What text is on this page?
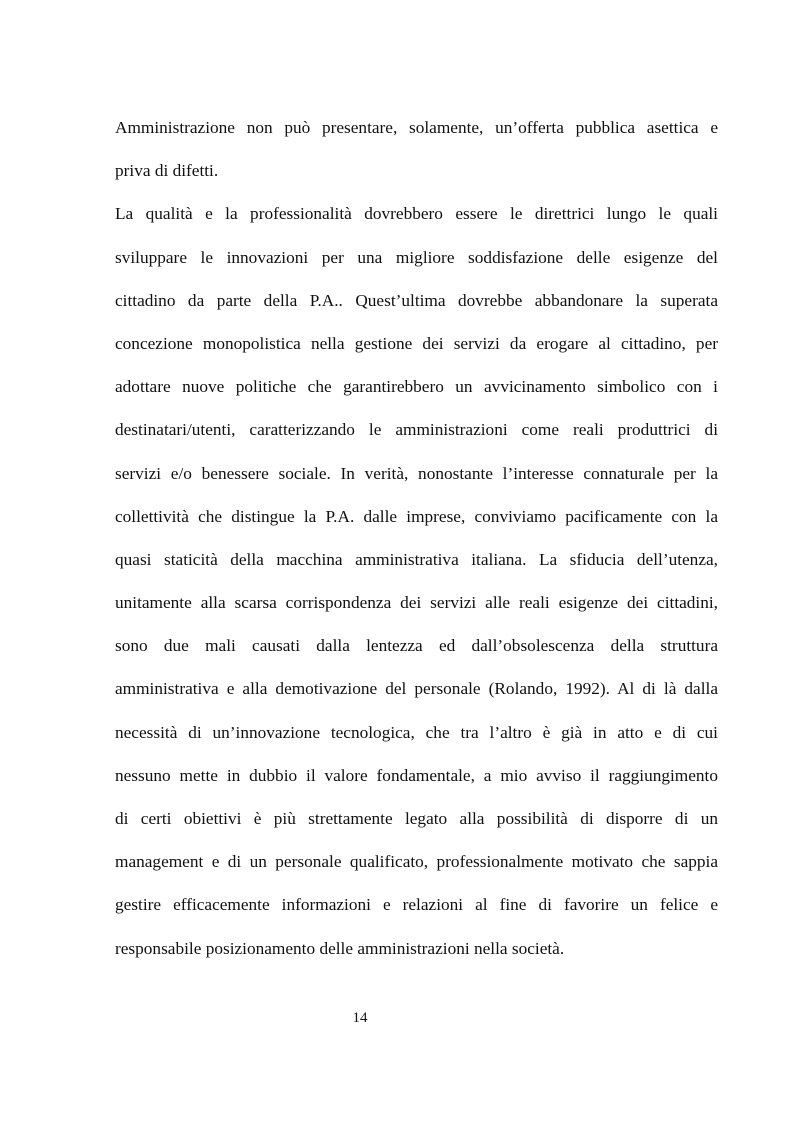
Amministrazione non può presentare, solamente, un’offerta pubblica asettica e
priva di difetti.
La qualità e la professionalità dovrebbero essere le direttrici lungo le quali
sviluppare le innovazioni per una migliore soddisfazione delle esigenze del
cittadino da parte della P.A.. Quest’ultima dovrebbe abbandonare la superata
concezione monopolistica nella gestione dei servizi da erogare al cittadino, per
adottare nuove politiche che garantirebbero un avvicinamento simbolico con i
destinatari/utenti, caratterizzando le amministrazioni come reali produttrici di
servizi e/o benessere sociale. In verità, nonostante l’interesse connaturale per la
collettività che distingue la P.A. dalle imprese, conviviamo pacificamente con la
quasi staticità della macchina amministrativa italiana. La sfiducia dell’utenza,
unitamente alla scarsa corrispondenza dei servizi alle reali esigenze dei cittadini,
sono due mali causati dalla lentezza ed dall’obsolescenza della struttura
amministrativa e alla demotivazione del personale (Rolando, 1992). Al di là dalla
necessità di un’innovazione tecnologica, che tra l’altro è già in atto e di cui
nessuno mette in dubbio il valore fondamentale, a mio avviso il raggiungimento
di certi obiettivi è più strettamente legato alla possibilità di disporre di un
management e di un personale qualificato, professionalmente motivato che sappia
gestire efficacemente informazioni e relazioni al fine di favorire un felice e
responsabile posizionamento delle amministrazioni nella società.
14
